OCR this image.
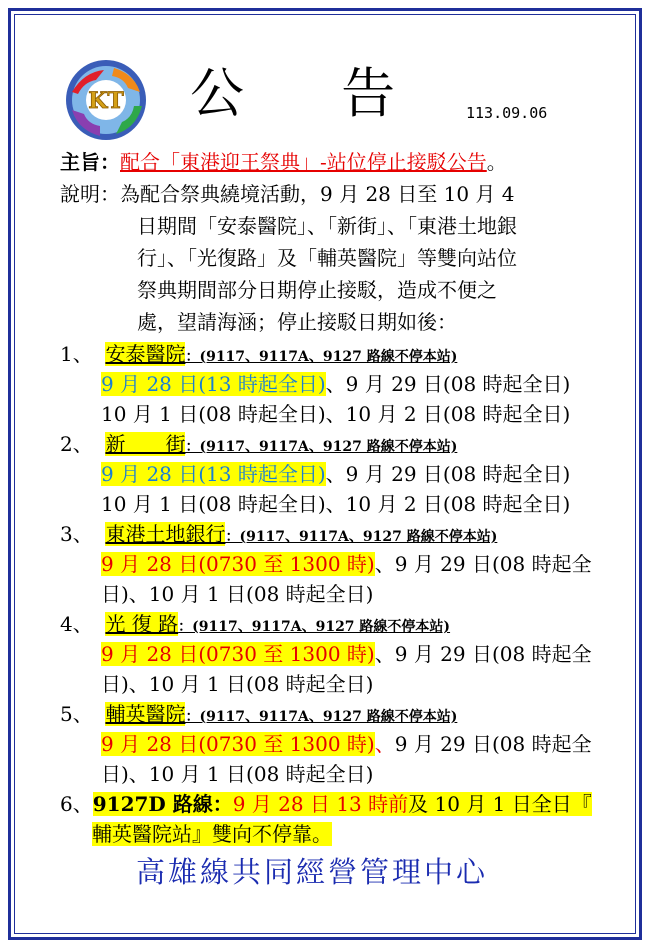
KT 公 告 113.09.06
主旨：配合「東港迎王祭典」-站位停止接駁公告。
說明：為配合祭典繞境活動，9 月 28 日至 10 月 4
日期間「安泰醫院」、「新街」、「東港土地銀
行」、「光復路」及「輔英醫院」等雙向站位
祭典期間部分日期停止接駁，造成不便之
處，望請海涵；停止接駁日期如後：
1、 安泰醫院：(9117、9117A、9127 路線不停本站)
9 月 28 日(13 時起全日)、9 月 29 日(08 時起全日)
10 月 1 日(08 時起全日)、10 月 2 日(08 時起全日)
2、 新　　街：(9117、9117A、9127 路線不停本站)
9 月 28 日(13 時起全日)、9 月 29 日(08 時起全日)
10 月 1 日(08 時起全日)、10 月 2 日(08 時起全日)
3、 東港土地銀行：(9117、9117A、9127 路線不停本站)
9 月 28 日(0730 至 1300 時)、9 月 29 日(08 時起全
日)、10 月 1 日(08 時起全日)
4、 光 復 路：(9117、9117A、9127 路線不停本站)
9 月 28 日(0730 至 1300 時)、9 月 29 日(08 時起全
日)、10 月 1 日(08 時起全日)
5、 輔英醫院：(9117、9117A、9127 路線不停本站)
9 月 28 日(0730 至 1300 時)、9 月 29 日(08 時起全
日)、10 月 1 日(08 時起全日)
6、9127D 路線：9 月 28 日 13 時前及 10 月 1 日全日『
輔英醫院站』雙向不停靠。
高雄線共同經營管理中心
